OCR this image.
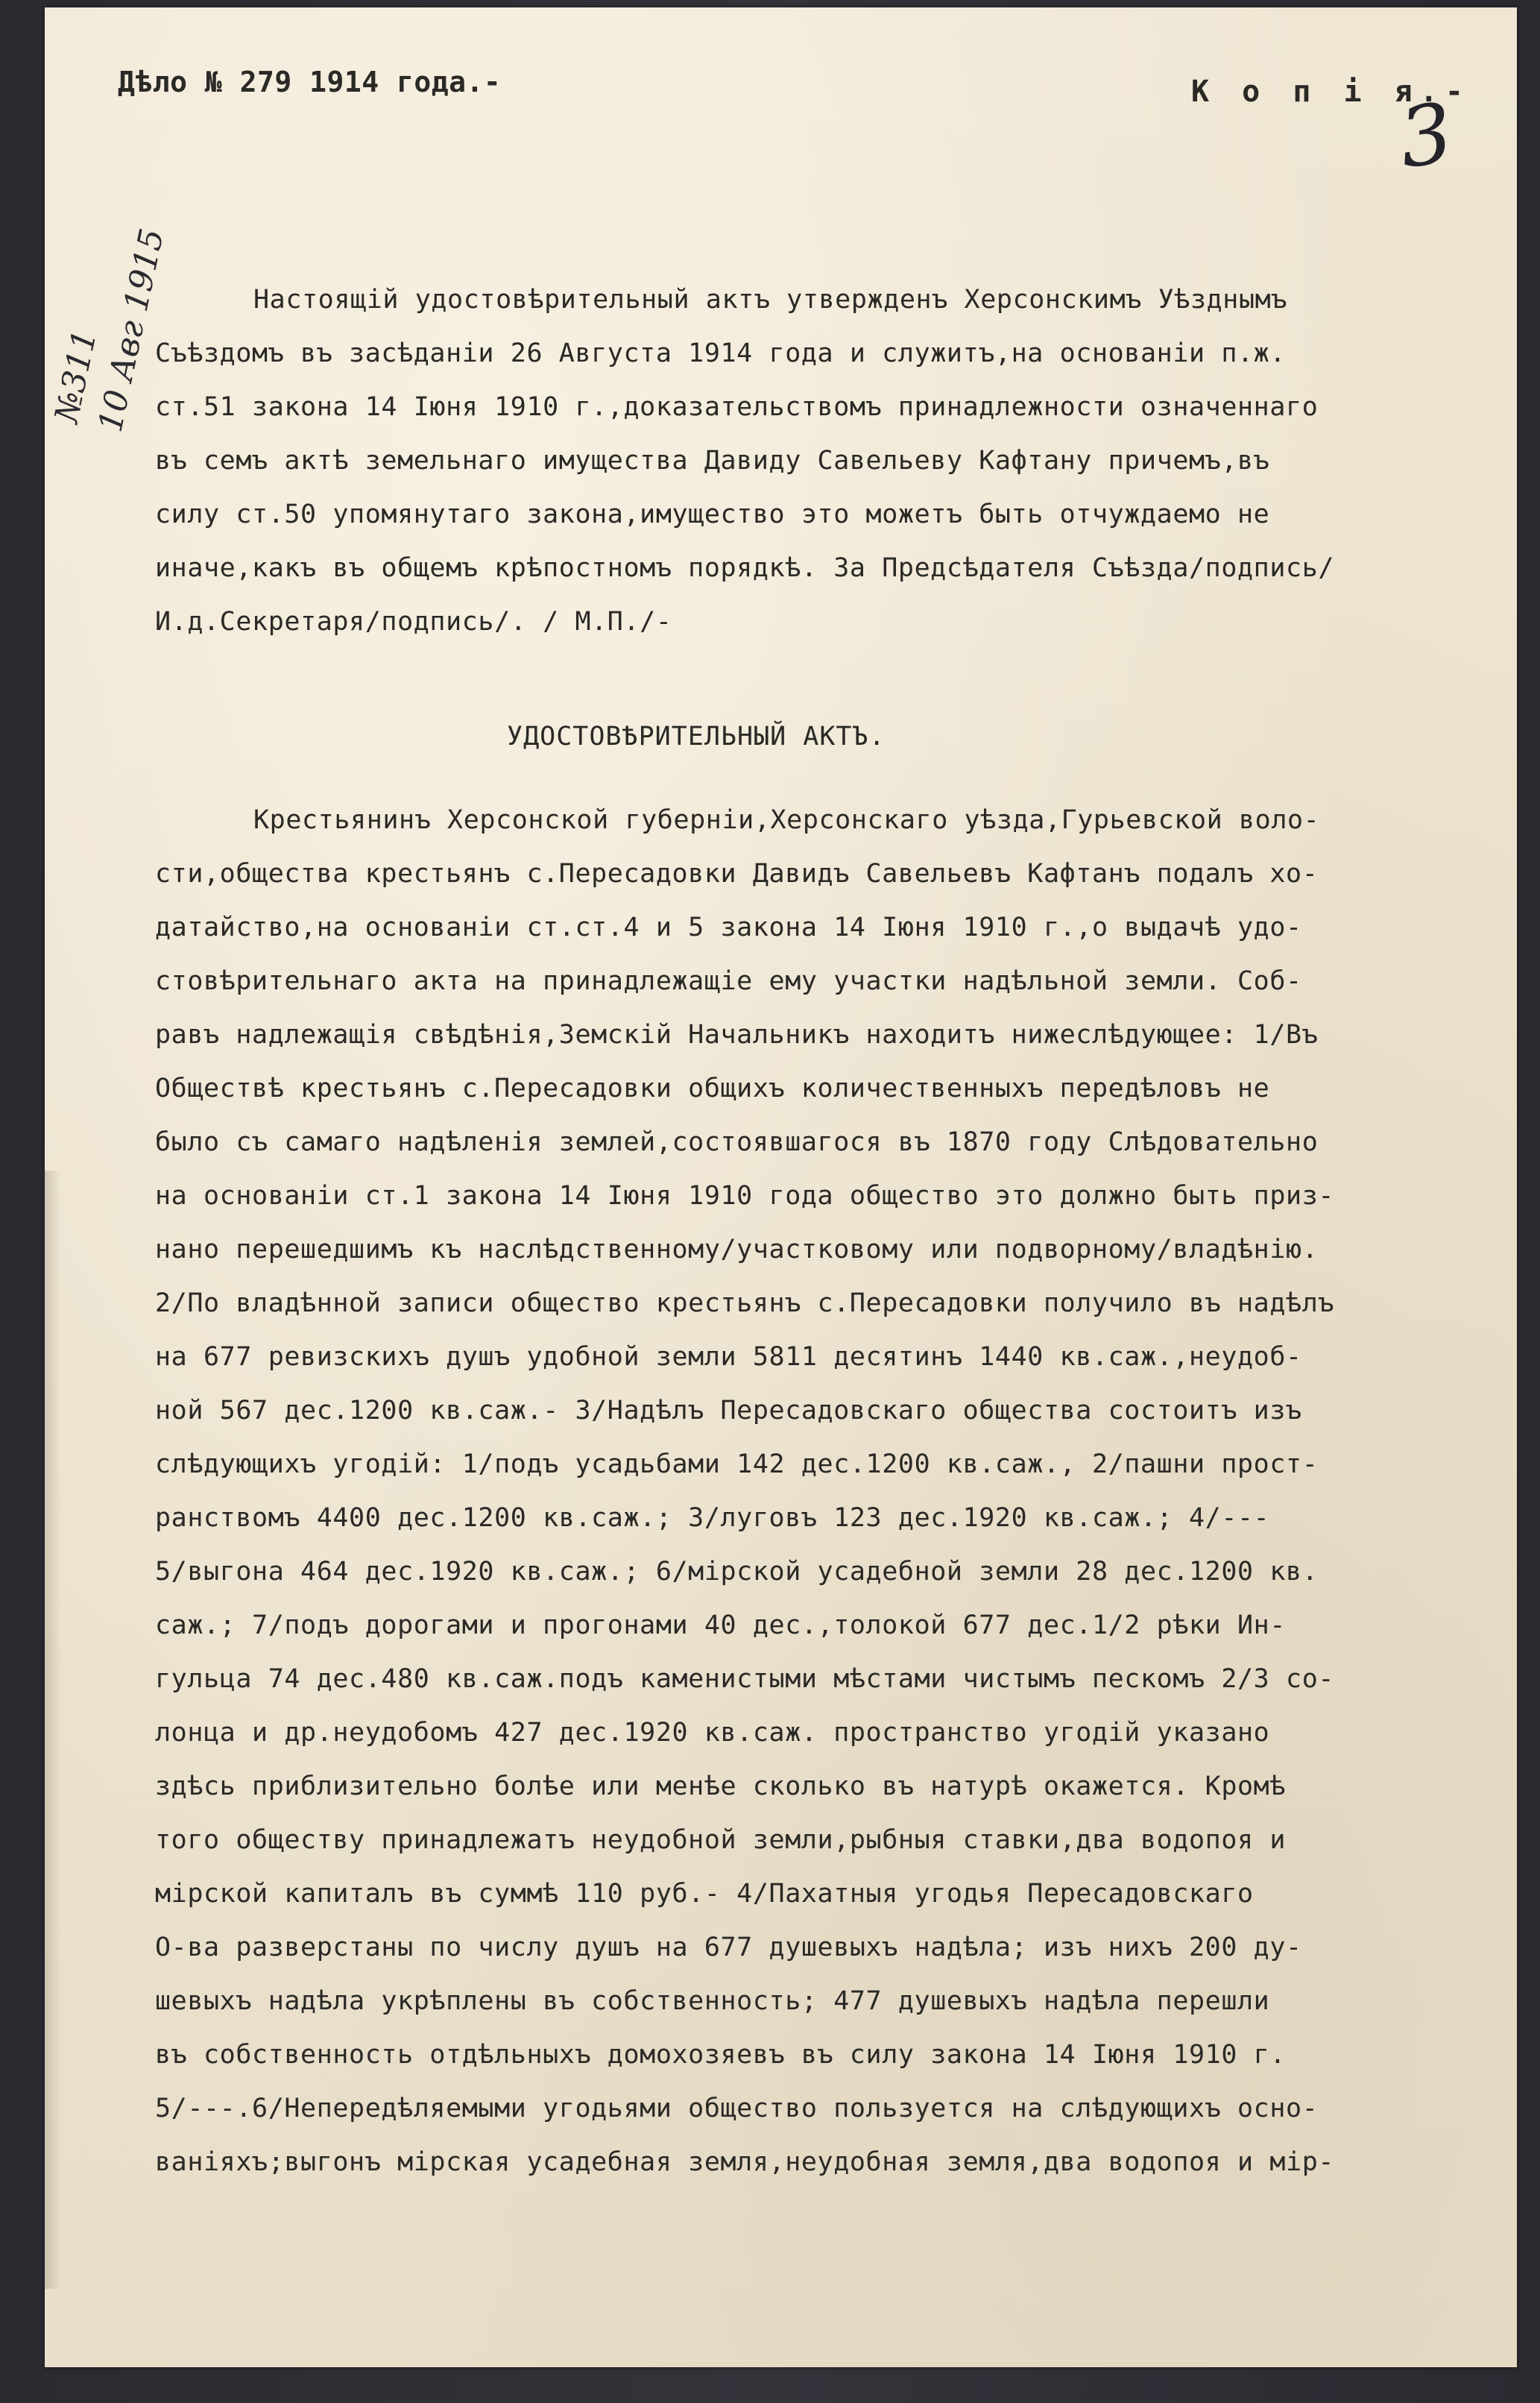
Дѣло № 279 1914 года.-	К о п і я.-
3
№311
10 Авг 1915	Настоящій удостовѣрительный актъ утвержденъ Херсонскимъ Уѣзднымъ
Съѣздомъ въ засѣданіи 26 Августа 1914 года и служитъ,на основаніи п.ж.
ст.51 закона 14 Іюня 1910 г.,доказательствомъ принадлежности означеннаго
въ семъ актѣ земельнаго имущества Давиду Савельеву Кафтану причемъ,въ
силу ст.50 упомянутаго закона,имущество это можетъ быть отчуждаемо не
иначе,какъ въ общемъ крѣпостномъ порядкѣ. За Предсѣдателя Съѣзда/подпись/
И.д.Секретаря/подпись/. / М.П./-
УДОСТОВѢРИТЕЛЬНЫЙ АКТЪ.
Крестьянинъ Херсонской губерніи,Херсонскаго уѣзда,Гурьевской воло-
сти,общества крестьянъ с.Пересадовки Давидъ Савельевъ Кафтанъ подалъ хо-
датайство,на основаніи ст.ст.4 и 5 закона 14 Іюня 1910 г.,о выдачѣ удо-
стовѣрительнаго акта на принадлежащіе ему участки надѣльной земли. Соб-
равъ надлежащія свѣдѣнія,Земскій Начальникъ находитъ нижеслѣдующее: 1/Въ
Обществѣ крестьянъ с.Пересадовки общихъ количественныхъ передѣловъ не
было съ самаго надѣленія землей,состоявшагося въ 1870 году Слѣдовательно
на основаніи ст.1 закона 14 Іюня 1910 года общество это должно быть приз-
нано перешедшимъ къ наслѣдственному/участковому или подворному/владѣнію.
2/По владѣнной записи общество крестьянъ с.Пересадовки получило въ надѣлъ
на 677 ревизскихъ душъ удобной земли 5811 десятинъ 1440 кв.саж.,неудоб-
ной 567 дес.1200 кв.саж.- 3/Надѣлъ Пересадовскаго общества состоитъ изъ
слѣдующихъ угодій: 1/подъ усадьбами 142 дес.1200 кв.саж., 2/пашни прост-
ранствомъ 4400 дес.1200 кв.саж.; 3/луговъ 123 дес.1920 кв.саж.; 4/---
5/выгона 464 дес.1920 кв.саж.; 6/мірской усадебной земли 28 дес.1200 кв.
саж.; 7/подъ дорогами и прогонами 40 дес.,толокой 677 дес.1/2 рѣки Ин-
гульца 74 дес.480 кв.саж.подъ каменистыми мѣстами чистымъ пескомъ 2/3 со-
лонца и др.неудобомъ 427 дес.1920 кв.саж. пространство угодій указано
здѣсь приблизительно болѣе или менѣе сколько въ натурѣ окажется. Кромѣ
того обществу принадлежатъ неудобной земли,рыбныя ставки,два водопоя и
мірской капиталъ въ суммѣ 110 руб.- 4/Пахатныя угодья Пересадовскаго
О-ва разверстаны по числу душъ на 677 душевыхъ надѣла; изъ нихъ 200 ду-
шевыхъ надѣла укрѣплены въ собственность; 477 душевыхъ надѣла перешли
въ собственность отдѣльныхъ домохозяевъ въ силу закона 14 Іюня 1910 г.
5/---.6/Непередѣляемыми угодьями общество пользуется на слѣдующихъ осно-
ваніяхъ;выгонъ мірская усадебная земля,неудобная земля,два водопоя и мір-
